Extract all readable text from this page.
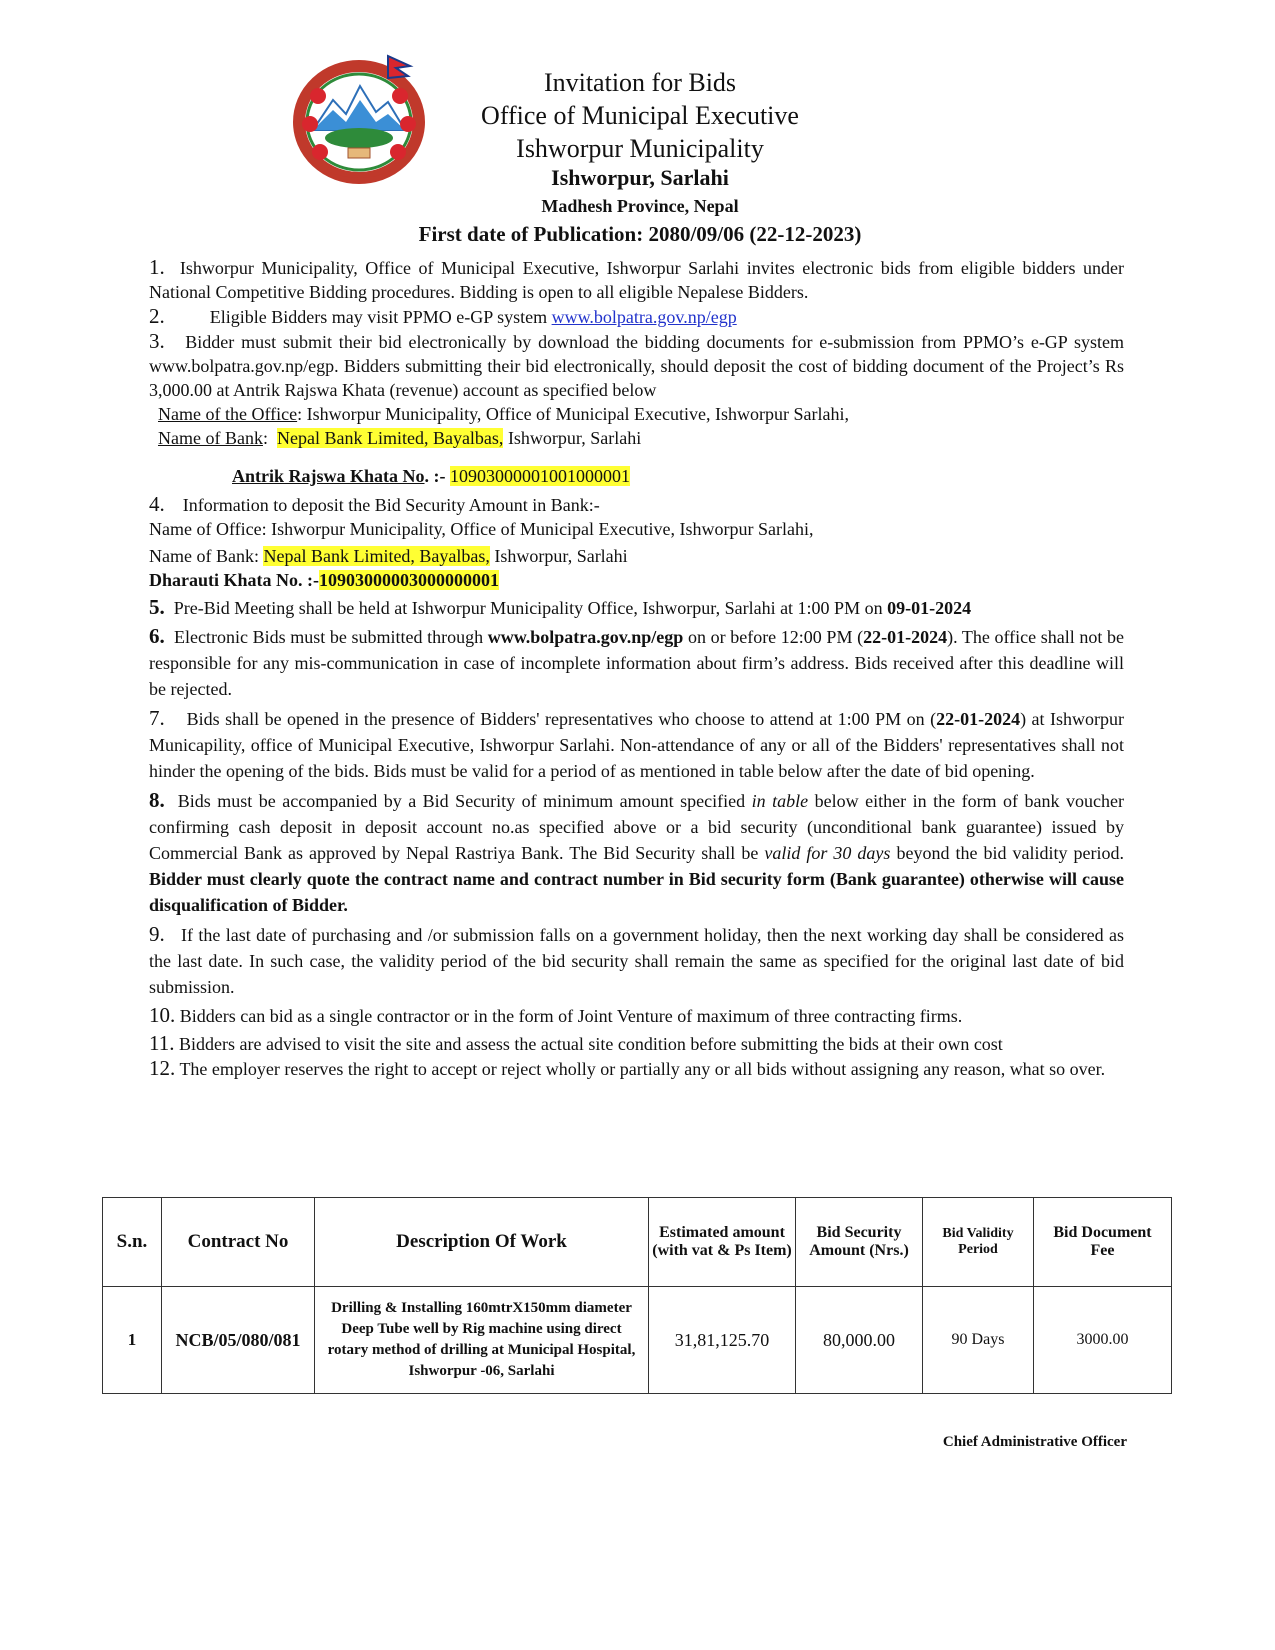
Invitation for Bids
Office of Municipal Executive
Ishworpur Municipality
Ishworpur, Sarlahi
Madhesh Province, Nepal
First date of Publication: 2080/09/06 (22-12-2023)

1. Ishworpur Municipality, Office of Municipal Executive, Ishworpur Sarlahi invites electronic bids from eligible bidders under National Competitive Bidding procedures. Bidding is open to all eligible Nepalese Bidders.

2.	Eligible Bidders may visit PPMO e-GP system www.bolpatra.gov.np/egp

3. Bidder must submit their bid electronically by download the bidding documents for e-submission from PPMO’s e-GP system www.bolpatra.gov.np/egp. Bidders submitting their bid electronically, should deposit the cost of bidding document of the Project’s Rs 3,000.00 at Antrik Rajswa Khata (revenue) account as specified below

Name of the Office: Ishworpur Municipality, Office of Municipal Executive, Ishworpur Sarlahi,

Name of Bank: Nepal Bank Limited, Bayalbas, Ishworpur, Sarlahi

Antrik Rajswa Khata No. :- 10903000001001000001

4. Information to deposit the Bid Security Amount in Bank:-

Name of Office: Ishworpur Municipality, Office of Municipal Executive, Ishworpur Sarlahi,

Name of Bank: Nepal Bank Limited, Bayalbas, Ishworpur, Sarlahi

Dharauti Khata No. :-10903000003000000001

5. Pre-Bid Meeting shall be held at Ishworpur Municipality Office, Ishworpur, Sarlahi at 1:00 PM on 09-01-2024

6. Electronic Bids must be submitted through www.bolpatra.gov.np/egp on or before 12:00 PM (22-01-2024). The office shall not be responsible for any mis-communication in case of incomplete information about firm’s address. Bids received after this deadline will be rejected.

7. Bids shall be opened in the presence of Bidders' representatives who choose to attend at 1:00 PM on (22-01-2024) at Ishworpur Municapility, office of Municipal Executive, Ishworpur Sarlahi. Non-attendance of any or all of the Bidders' representatives shall not hinder the opening of the bids. Bids must be valid for a period of as mentioned in table below after the date of bid opening.

8. Bids must be accompanied by a Bid Security of minimum amount specified in table below either in the form of bank voucher confirming cash deposit in deposit account no.as specified above or a bid security (unconditional bank guarantee) issued by Commercial Bank as approved by Nepal Rastriya Bank. The Bid Security shall be valid for 30 days beyond the bid validity period. Bidder must clearly quote the contract name and contract number in Bid security form (Bank guarantee) otherwise will cause disqualification of Bidder.

9. If the last date of purchasing and /or submission falls on a government holiday, then the next working day shall be considered as the last date. In such case, the validity period of the bid security shall remain the same as specified for the original last date of bid submission.

10. Bidders can bid as a single contractor or in the form of Joint Venture of maximum of three contracting firms.

11. Bidders are advised to visit the site and assess the actual site condition before submitting the bids at their own cost

12. The employer reserves the right to accept or reject wholly or partially any or all bids without assigning any reason, what so over.

S.n.	Contract No	Description Of Work	Estimated amount (with vat & Ps Item)	Bid Security Amount (Nrs.)	Bid Validity Period	Bid Document Fee
1	NCB/05/080/081	Drilling & Installing 160mtrX150mm diameter Deep Tube well by Rig machine using direct rotary method of drilling at Municipal Hospital, Ishworpur -06, Sarlahi	31,81,125.70	80,000.00	90 Days	3000.00
Chief Administrative Officer
